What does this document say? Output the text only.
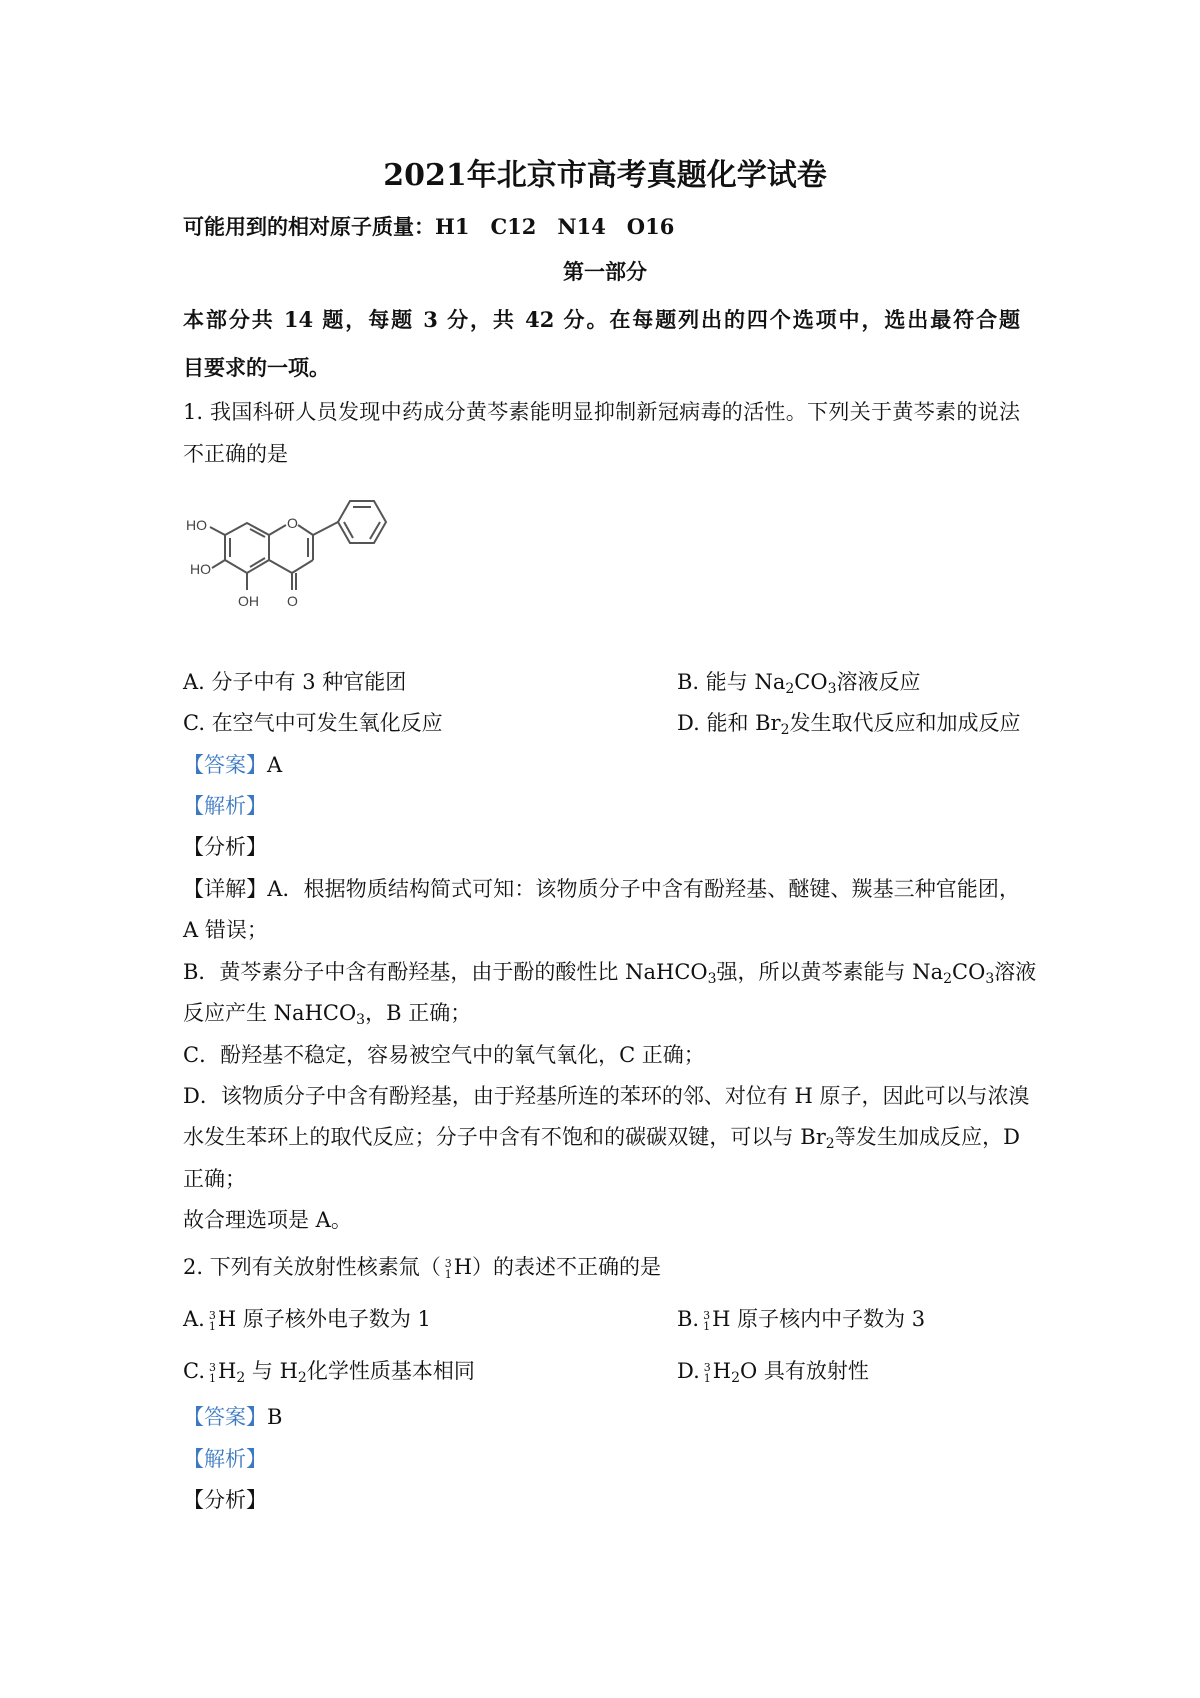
2021年北京市高考真题化学试卷
可能用到的相对原子质量：H1　C12　N14　O16
第一部分
本部分共 14 题，每题 3 分，共 42 分。在每题列出的四个选项中，选出最符合题
目要求的一项。
1. 我国科研人员发现中药成分黄芩素能明显抑制新冠病毒的活性。下列关于黄芩素的说法
不正确的是
HO
HO
OH O
O
A. 分子中有 3 种官能团	B. 能与 $Na_2CO_3$溶液反应
C. 在空气中可发生氧化反应	D. 能和 $Br_2$发生取代反应和加成反应
【答案】A
【解析】
【分析】
【详解】A．根据物质结构简式可知：该物质分子中含有酚羟基、醚键、羰基三种官能团，
A 错误；
B．黄芩素分子中含有酚羟基，由于酚的酸性比 NaHCO$_3$强，所以黄芩素能与 $Na_2CO_3$溶液
反应产生 NaHCO$_3$，B 正确；
C．酚羟基不稳定，容易被空气中的氧气氧化，C 正确；
D．该物质分子中含有酚羟基，由于羟基所连的苯环的邻、对位有 H 原子，因此可以与浓溴
水发生苯环上的取代反应；分子中含有不饱和的碳碳双键，可以与 $Br_2$等发生加成反应，D
正确；
故合理选项是 A。
2. 下列有关放射性核素氚（ 3
1 H）的表述不正确的是
A. 3
1 H 原子核外电子数为 1	B. 3
1 H 原子核内中子数为 3
C. 3
1 $H_2$ 与 $H_2$化学性质基本相同	D. 3
1 $H_2O$ 具有放射性
【答案】B
【解析】
【分析】
